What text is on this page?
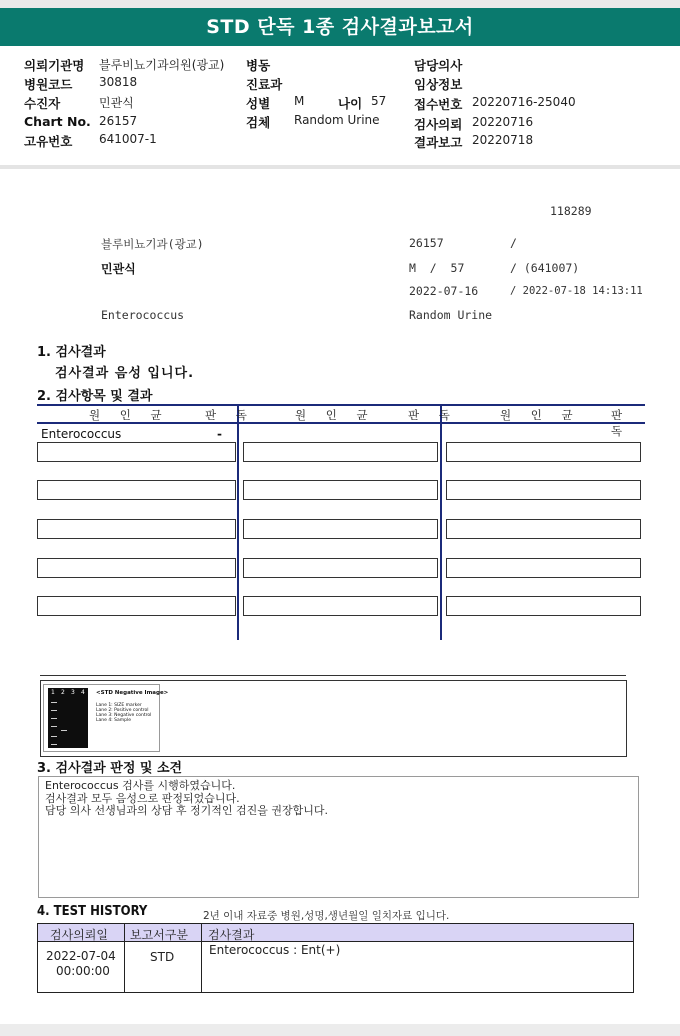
STD 단독 1종 검사결과보고서
의뢰기관명 블루비뇨기과의원(광교)
병원코드 30818
수진자	민관식
Chart No. 26157
고유번호 641007-1
병동
진료과
성별 M	나이 57
검체 Random Urine
담당의사
임상정보
접수번호 20220716-25040
검사의뢰 20220716
결과보고 20220718
118289
블루비뇨기과(광교)	26157	/
민관식	M  /  57	/ (641007)
2022-07-16	/ 2022-07-18 14:13:11
Enterococcus	Random Urine
1. 검사결과
검사결과 음성 입니다.
2. 검사항목 및 결과
원 인 균	판 독	원 인 균	판 독	원 인 균	판 독
Enterococcus	-
1 2 3 4 <STD Negative Image>
Lane 1: SIZE marker
Lane 2: Positive control
Lane 3: Negative control
Lane 4: Sample
3. 검사결과 판정 및 소견
Enterococcus 검사를 시행하였습니다.
검사결과 모두 음성으로 판정되었습니다.
담당 의사 선생님과의 상담 후 정기적인 검진을 권장합니다.
4. TEST HISTORY	2년 이내 자료중 병원,성명,생년월일 일치자료 입니다.
검사의뢰일 보고서구분 검사결과
2022-07-04
00:00:00
STD	Enterococcus : Ent(+)
